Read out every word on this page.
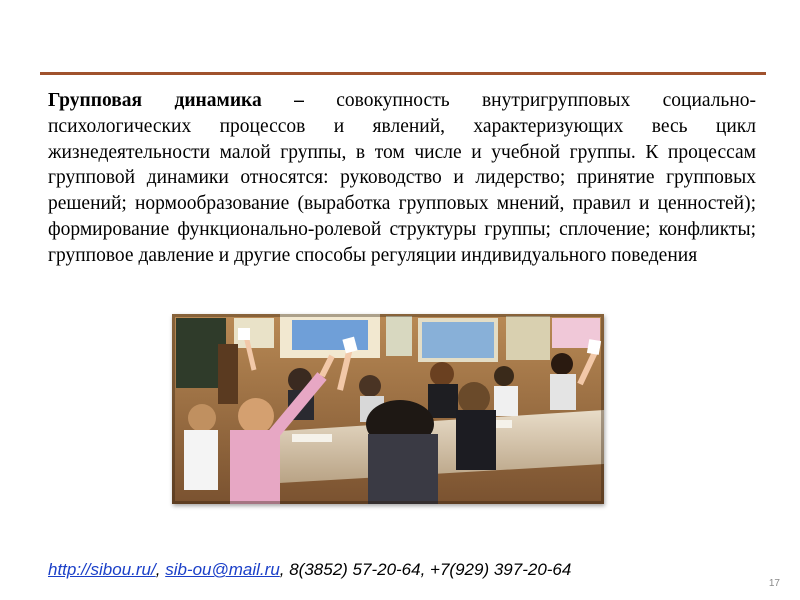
Групповая динамика – совокупность внутригрупповых социально-психологических процессов и явлений, характеризующих весь цикл жизнедеятельности малой группы, в том числе и учебной группы. К процессам групповой динамики относятся: руководство и лидерство; принятие групповых решений; нормообразование (выработка групповых мнений, правил и ценностей); формирование функционально-ролевой структуры группы; сплочение; конфликты; групповое давление и другие способы регуляции индивидуального поведения

http://sibou.ru/, sib-ou@mail.ru, 8(3852) 57-20-64, +7(929) 397-20-64
17
